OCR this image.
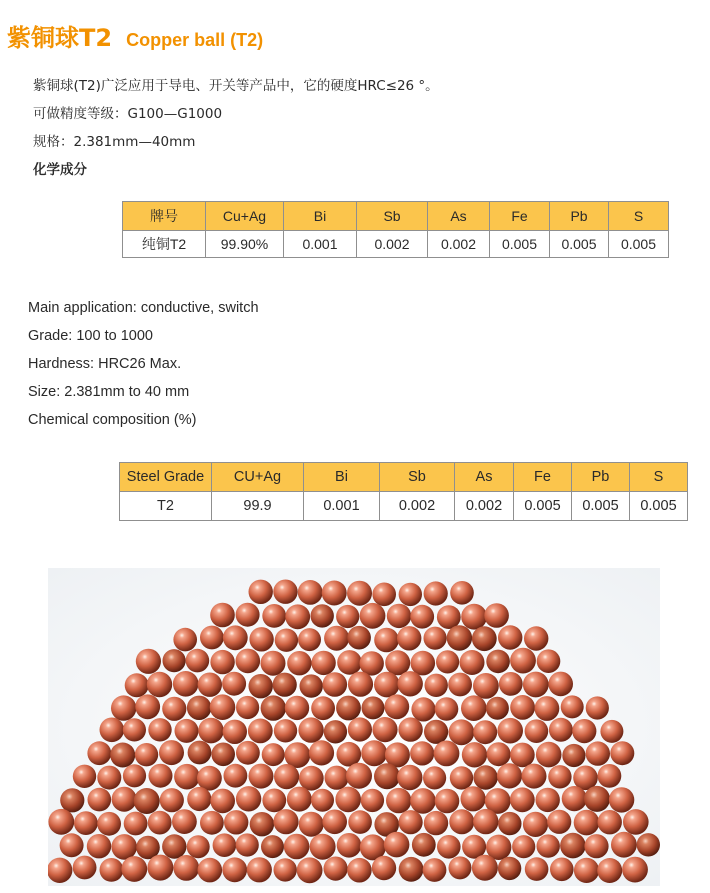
紫铜球T2 Copper ball (T2)
紫铜球(T2)广泛应用于导电、开关等产品中，它的硬度HRC≤26 °。
可做精度等级：G100—G1000
规格：2.381mm—40mm
化学成分
牌号	Cu+Ag	Bi	Sb	As	Fe	Pb	S
纯铜T2	99.90%	0.001	0.002	0.002	0.005	0.005	0.005
Main application: conductive, switch
Grade: 100 to 1000
Hardness: HRC26 Max.
Size: 2.381mm to 40 mm
Chemical composition (%)
Steel Grade	CU+Ag	Bi	Sb	As	Fe	Pb	S
T2	99.9	0.001	0.002	0.002	0.005	0.005	0.005
